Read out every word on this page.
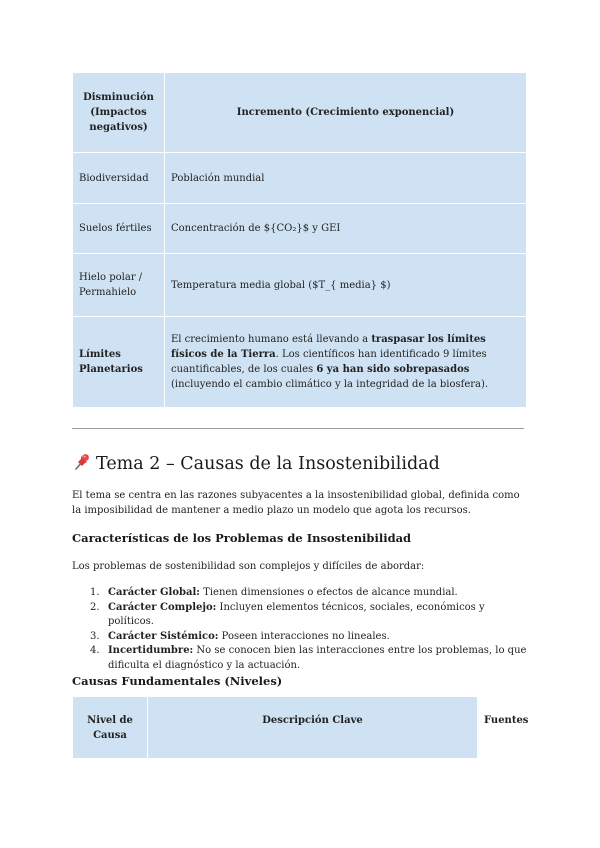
Disminución (Impactos negativos)	Incremento (Crecimiento exponencial)
Biodiversidad	Población mundial
Suelos fértiles	Concentración de ${CO₂}$ y GEI
Hielo polar / Permahielo	Temperatura media global ($T_{ media} $)
Límites Planetarios	El crecimiento humano está llevando a traspasar los límites físicos de la Tierra. Los científicos han identificado 9 límites cuantificables, de los cuales 6 ya han sido sobrepasados (incluyendo el cambio climático y la integridad de la biosfera).
Tema 2 – Causas de la Insostenibilidad
El tema se centra en las razones subyacentes a la insostenibilidad global, definida como la imposibilidad de mantener a medio plazo un modelo que agota los recursos.
Características de los Problemas de Insostenibilidad
Los problemas de sostenibilidad son complejos y difíciles de abordar:
1. Carácter Global: Tienen dimensiones o efectos de alcance mundial.
2. Carácter Complejo: Incluyen elementos técnicos, sociales, económicos y políticos.
3. Carácter Sistémico: Poseen interacciones no lineales.
4. Incertidumbre: No se conocen bien las interacciones entre los problemas, lo que dificulta el diagnóstico y la actuación.
Causas Fundamentales (Niveles)
Nivel de Causa	Descripción Clave	Fuentes
